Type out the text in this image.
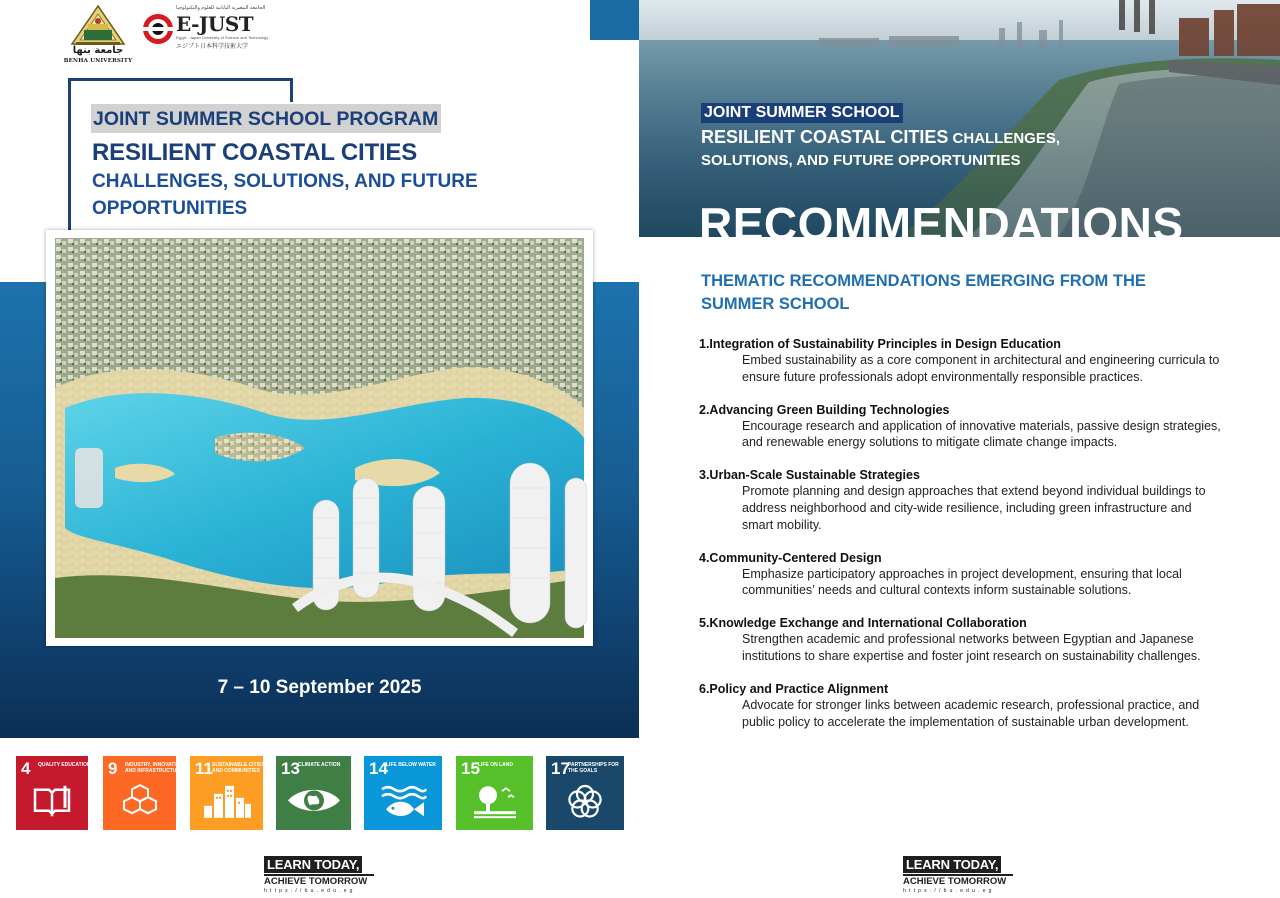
جامعة بنها
BENHA UNIVERSITY
الجامعة المصرية اليابانية للعلوم والتكنولوجيا
E-JUST
Egypt - Japan University of Science and Technology
エジプト日本科学技術大学
JOINT SUMMER SCHOOL PROGRAM
RESILIENT COASTAL CITIES
CHALLENGES, SOLUTIONS, AND FUTURE
OPPORTUNITIES
7 – 10 September 2025
4 QUALITY EDUCATION	9 INDUSTRY, INNOVATION AND INFRASTRUCTURE 11 SUSTAINABLE CITIES AND COMMUNITIES	13
CLIMATE ACTION	14
LIFE BELOW WATER	15
LIFE ON LAND	17
PARTNERSHIPS FOR THE GOALS
LEARN TODAY,
ACHIEVE TOMORROW
https://bu.edu.eg
JOINT SUMMER SCHOOL
RESILIENT COASTAL CITIES CHALLENGES,
SOLUTIONS, AND FUTURE OPPORTUNITIES
RECOMMENDATIONS
THEMATIC RECOMMENDATIONS EMERGING FROM THE SUMMER SCHOOL
1.Integration of Sustainability Principles in Design Education
Embed sustainability as a core component in architectural and engineering curricula to ensure future professionals adopt environmentally responsible practices.
2.Advancing Green Building Technologies
Encourage research and application of innovative materials, passive design strategies, and renewable energy solutions to mitigate climate change impacts.
3.Urban-Scale Sustainable Strategies
Promote planning and design approaches that extend beyond individual buildings to address neighborhood and city-wide resilience, including green infrastructure and smart mobility.
4.Community-Centered Design
Emphasize participatory approaches in project development, ensuring that local communities’ needs and cultural contexts inform sustainable solutions.
5.Knowledge Exchange and International Collaboration
Strengthen academic and professional networks between Egyptian and Japanese institutions to share expertise and foster joint research on sustainability challenges.
6.Policy and Practice Alignment
Advocate for stronger links between academic research, professional practice, and public policy to accelerate the implementation of sustainable urban development.
LEARN TODAY,
ACHIEVE TOMORROW
https://bu.edu.eg
